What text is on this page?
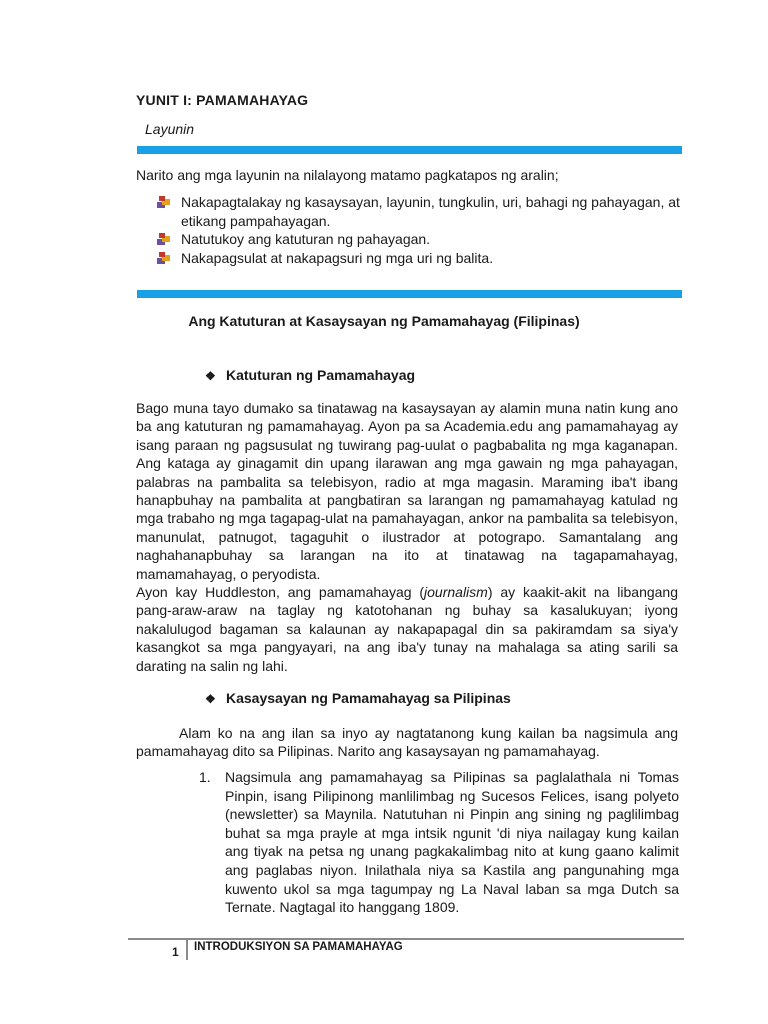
YUNIT I: PAMAMAHAYAG
Layunin
Narito ang mga layunin na nilalayong matamo pagkatapos ng aralin;
Nakapagtalakay ng kasaysayan, layunin, tungkulin, uri, bahagi ng pahayagan, at etikang pampahayagan.
Natutukoy ang katuturan ng pahayagan.
Nakapagsulat at nakapagsuri ng mga uri ng balita.
Ang Katuturan at Kasaysayan ng Pamamahayag (Filipinas)
❖ Katuturan ng Pamamahayag

Bago muna tayo dumako sa tinatawag na kasaysayan ay alamin muna natin kung ano ba ang katuturan ng pamamahayag. Ayon pa sa Academia.edu ang pamamahayag ay isang paraan ng pagsusulat ng tuwirang pag-uulat o pagbabalita ng mga kaganapan. Ang kataga ay ginagamit din upang ilarawan ang mga gawain ng mga pahayagan, palabras na pambalita sa telebisyon, radio at mga magasin. Maraming iba't ibang hanapbuhay na pambalita at pangbatiran sa larangan ng pamamahayag katulad ng mga trabaho ng mga tagapag-ulat na pamahayagan, ankor na pambalita sa telebisyon, manunulat, patnugot, tagaguhit o ilustrador at potograpo. Samantalang ang naghahanapbuhay sa larangan na ito at tinatawag na tagapamahayag, mamamahayag, o peryodista.

Ayon kay Huddleston, ang pamamahayag (journalism) ay kaakit-akit na libangang pang-araw-araw na taglay ng katotohanan ng buhay sa kasalukuyan; iyong nakalulugod bagaman sa kalaunan ay nakapapagal din sa pakiramdam sa siya'y kasangkot sa mga pangyayari, na ang iba'y tunay na mahalaga sa ating sarili sa darating na salin ng lahi.

❖ Kasaysayan ng Pamamahayag sa Pilipinas

Alam ko na ang ilan sa inyo ay nagtatanong kung kailan ba nagsimula ang pamamahayag dito sa Pilipinas. Narito ang kasaysayan ng pamamahayag.

1. Nagsimula ang pamamahayag sa Pilipinas sa paglalathala ni Tomas Pinpin, isang Pilipinong manlilimbag ng Sucesos Felices, isang polyeto (newsletter) sa Maynila. Natutuhan ni Pinpin ang sining ng paglilimbag buhat sa mga prayle at mga intsik ngunit 'di niya nailagay kung kailan ang tiyak na petsa ng unang pagkakalimbag nito at kung gaano kalimit ang paglabas niyon. Inilathala niya sa Kastila ang pangunahing mga kuwento ukol sa mga tagumpay ng La Naval laban sa mga Dutch sa Ternate. Nagtagal ito hanggang 1809.
1 INTRODUKSIYON SA PAMAMAHAYAG
